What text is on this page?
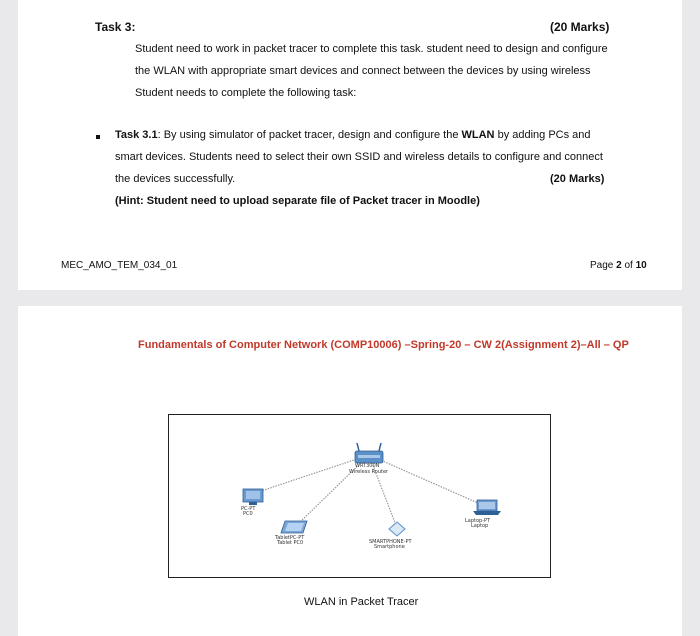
Task 3:	(20 Marks)
Student need to work in packet tracer to complete this task. student need to design and configure
the WLAN with appropriate smart devices and connect between the devices by using wireless
Student needs to complete the following task:
Task 3.1: By using simulator of packet tracer, design and configure the WLAN by adding PCs and
smart devices. Students need to select their own SSID and wireless details to configure and connect
the devices successfully.	(20 Marks)
(Hint: Student need to upload separate file of Packet tracer in Moodle)
MEC_AMO_TEM_034_01	Page 2 of 10
Fundamentals of Computer Network (COMP10006) –Spring-20 – CW 2(Assignment 2)–All – QP
WRT300N
Wireless Router
PC-PT
PC0
TabletPC-PT
Tablet PC0	SMARTPHONE-PT
Smartphone
Laptop-PT
Laptop
WLAN in Packet Tracer
